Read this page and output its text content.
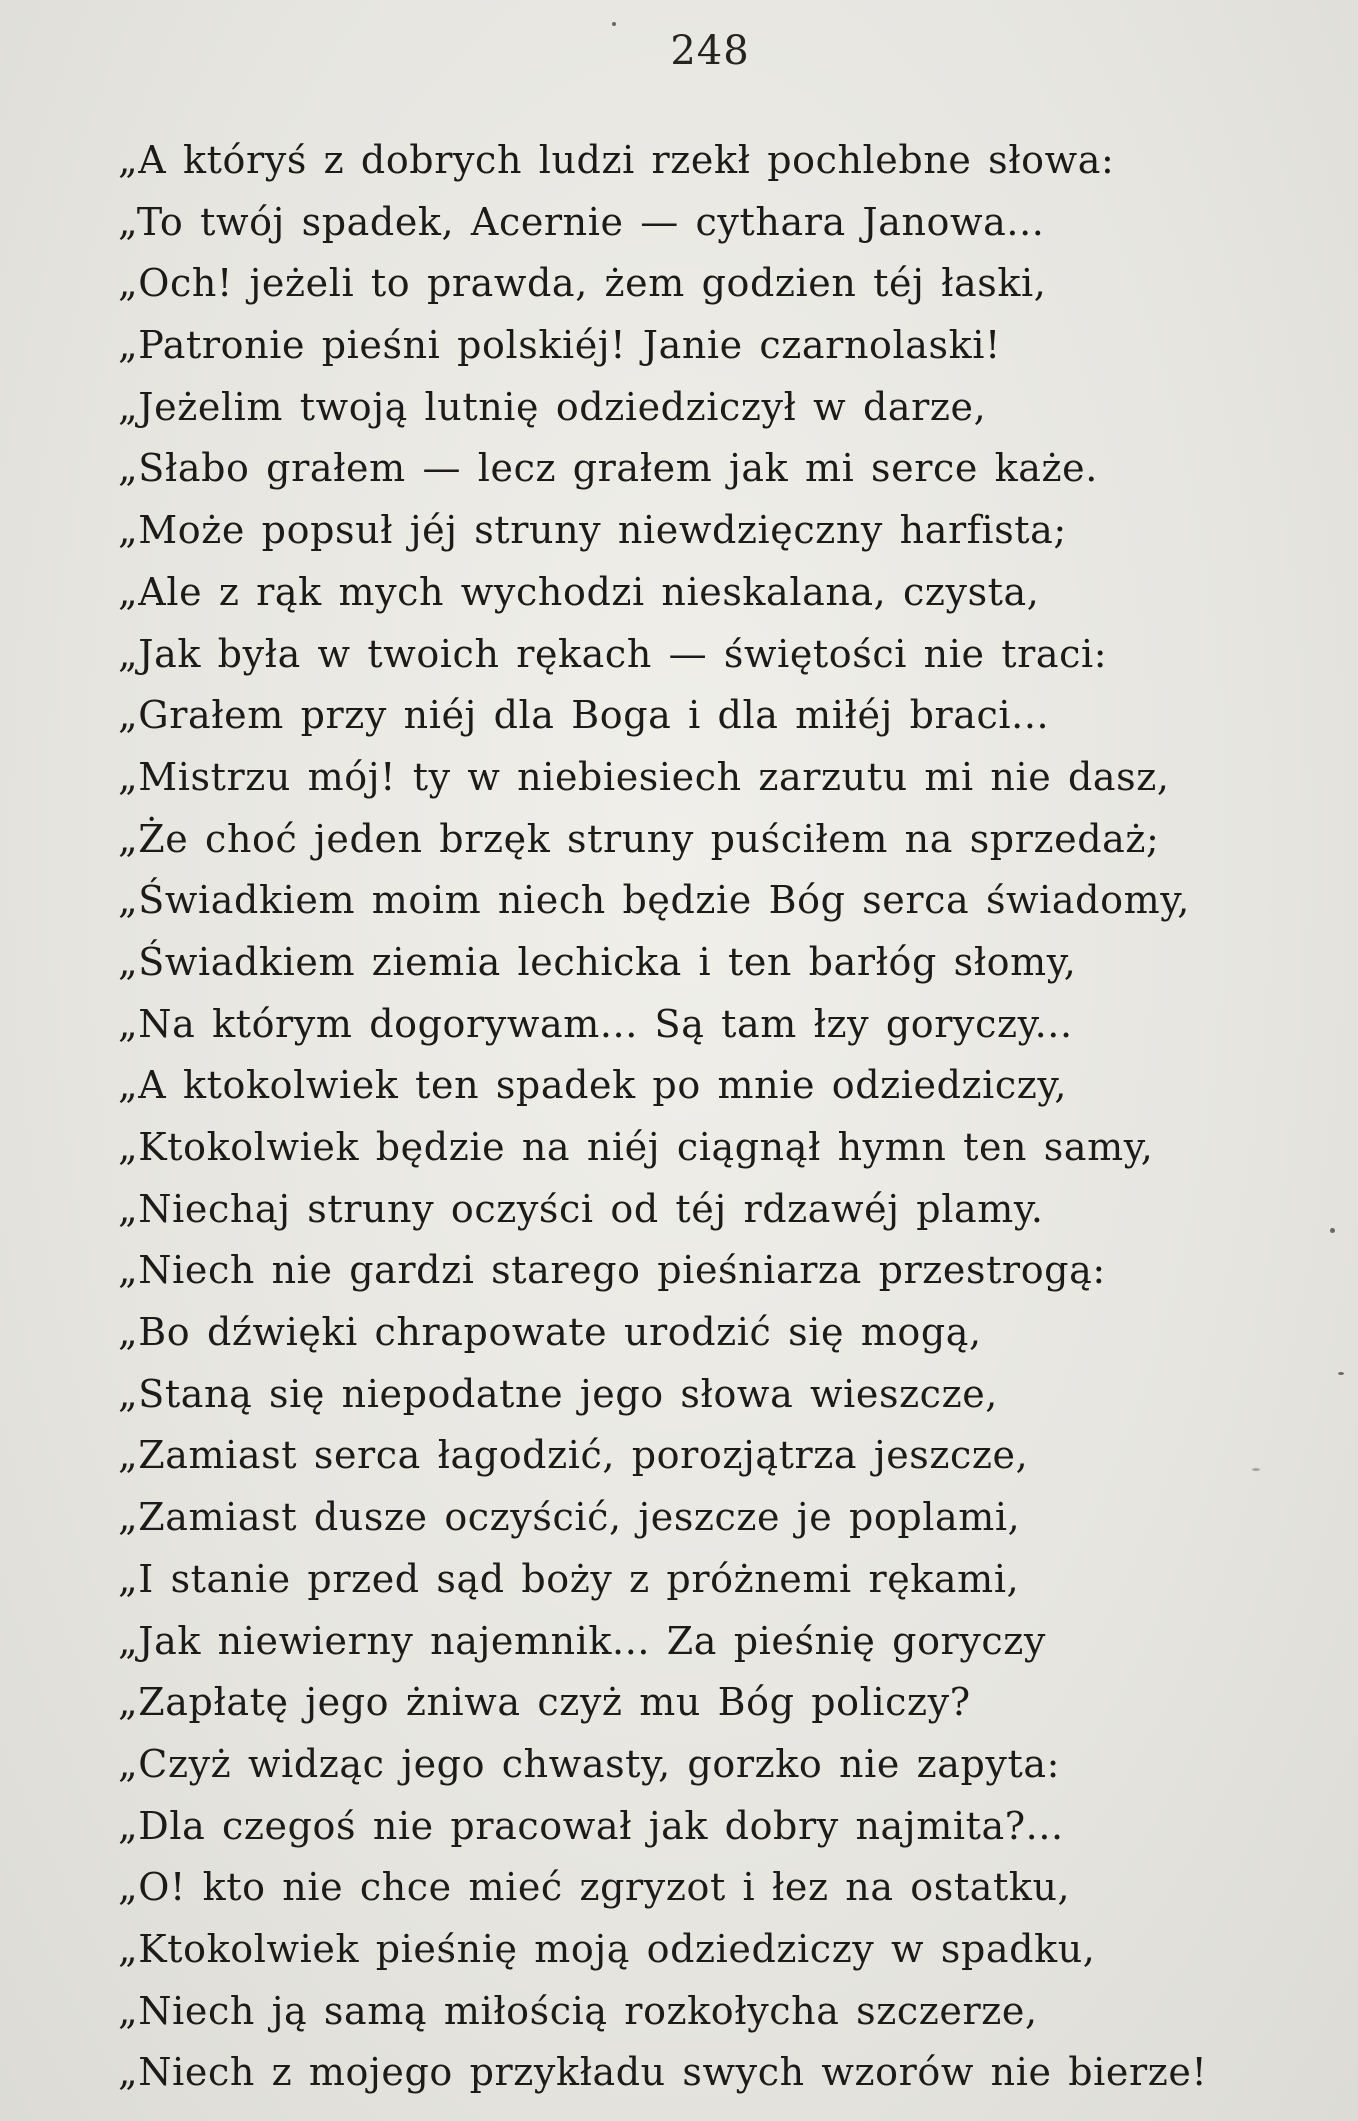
248
„A któryś z dobrych ludzi rzekł pochlebne słowa:
„To twój spadek, Acernie — cythara Janowa...
„Och! jeżeli to prawda, żem godzien téj łaski,
„Patronie pieśni polskiéj! Janie czarnolaski!
„Jeżelim twoją lutnię odziedziczył w darze,
„Słabo grałem — lecz grałem jak mi serce każe.
„Może popsuł jéj struny niewdzięczny harfista;
„Ale z rąk mych wychodzi nieskalana, czysta,
„Jak była w twoich rękach — świętości nie traci:
„Grałem przy niéj dla Boga i dla miłéj braci...
„Mistrzu mój! ty w niebiesiech zarzutu mi nie dasz,
„Że choć jeden brzęk struny puściłem na sprzedaż;
„Świadkiem moim niech będzie Bóg serca świadomy,
„Świadkiem ziemia lechicka i ten barłóg słomy,
„Na którym dogorywam... Są tam łzy goryczy...
„A ktokolwiek ten spadek po mnie odziedziczy,
„Ktokolwiek będzie na niéj ciągnął hymn ten samy,
„Niechaj struny oczyści od téj rdzawéj plamy.
„Niech nie gardzi starego pieśniarza przestrogą:
„Bo dźwięki chrapowate urodzić się mogą,
„Staną się niepodatne jego słowa wieszcze,
„Zamiast serca łagodzić, porozjątrza jeszcze,
„Zamiast dusze oczyścić, jeszcze je poplami,
„I stanie przed sąd boży z próżnemi rękami,
„Jak niewierny najemnik... Za pieśnię goryczy
„Zapłatę jego żniwa czyż mu Bóg policzy?
„Czyż widząc jego chwasty, gorzko nie zapyta:
„Dla czegoś nie pracował jak dobry najmita?...
„O! kto nie chce mieć zgryzot i łez na ostatku,
„Ktokolwiek pieśnię moją odziedziczy w spadku,
„Niech ją samą miłością rozkołycha szczerze,
„Niech z mojego przykładu swych wzorów nie bierze!
